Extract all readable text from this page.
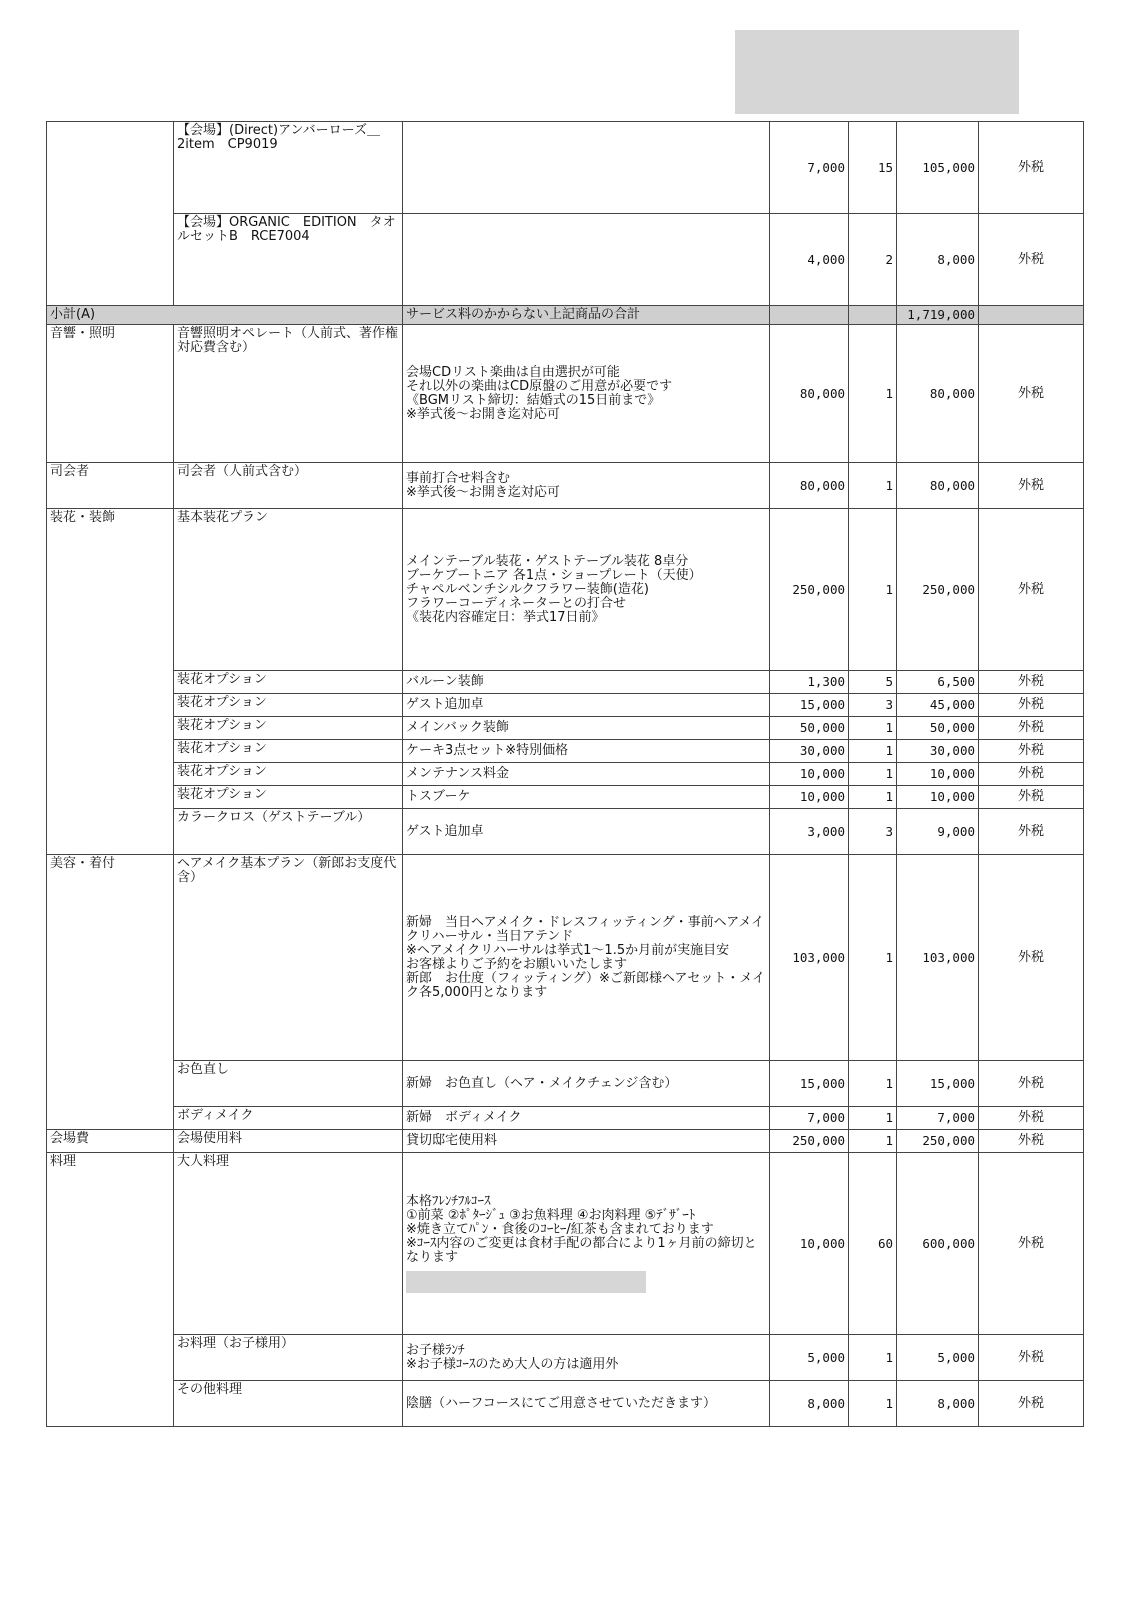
	【会場】(Direct)アンバーローズ＿2item　CP9019		7,000	15	105,000	外税
	【会場】ORGANIC　EDITION　タオルセットB　RCE7004		4,000	2	8,000	外税
小計(A)		サービス料のかからない上記商品の合計			1,719,000	
音響・照明	音響照明オペレート（人前式、著作権対応費含む）	会場CDリスト楽曲は自由選択が可能
それ以外の楽曲はCD原盤のご用意が必要です
《BGMリスト締切：結婚式の15日前まで》
※挙式後～お開き迄対応可	80,000	1	80,000	外税
司会者	司会者（人前式含む）	事前打合せ料含む
※挙式後～お開き迄対応可	80,000	1	80,000	外税
装花・装飾	基本装花プラン	メインテーブル装花・ゲストテーブル装花 8卓分
ブーケブートニア 各1点・ショープレート（天使）
チャペルベンチシルクフラワー装飾(造花)
フラワーコーディネーターとの打合せ
《装花内容確定日：挙式17日前》	250,000	1	250,000	外税
	装花オプション	バルーン装飾	1,300	5	6,500	外税
	装花オプション	ゲスト追加卓	15,000	3	45,000	外税
	装花オプション	メインバック装飾	50,000	1	50,000	外税
	装花オプション	ケーキ3点セット※特別価格	30,000	1	30,000	外税
	装花オプション	メンテナンス料金	10,000	1	10,000	外税
	装花オプション	トスブーケ	10,000	1	10,000	外税
	カラークロス（ゲストテーブル）	ゲスト追加卓	3,000	3	9,000	外税
美容・着付	ヘアメイク基本プラン（新郎お支度代含）	新婦　当日ヘアメイク・ドレスフィッティング・事前ヘアメイクリハーサル・当日アテンド
※ヘアメイクリハーサルは挙式1～1.5か月前が実施目安
お客様よりご予約をお願いいたします
新郎　お仕度（フィッティング）※ご新郎様ヘアセット・メイク各5,000円となります	103,000	1	103,000	外税
	お色直し	新婦　お色直し（ヘア・メイクチェンジ含む）	15,000	1	15,000	外税
	ボディメイク	新婦　ボディメイク	7,000	1	7,000	外税
会場費	会場使用料	貸切邸宅使用料	250,000	1	250,000	外税
料理	大人料理	本格ﾌﾚﾝﾁﾌﾙｺｰｽ
①前菜 ②ﾎﾟﾀｰｼﾞｭ ③お魚料理 ④お肉料理 ⑤ﾃﾞｻﾞｰﾄ
※焼き立てﾊﾟﾝ・食後のｺｰﾋｰ/紅茶も含まれております
※ｺｰｽ内容のご変更は食材手配の都合により1ヶ月前の締切となります	10,000	60	600,000	外税
	お料理（お子様用）	お子様ﾗﾝﾁ
※お子様ｺｰｽのため大人の方は適用外	5,000	1	5,000	外税
	その他料理	陰膳（ハーフコースにてご用意させていただきます）	8,000	1	8,000	外税
